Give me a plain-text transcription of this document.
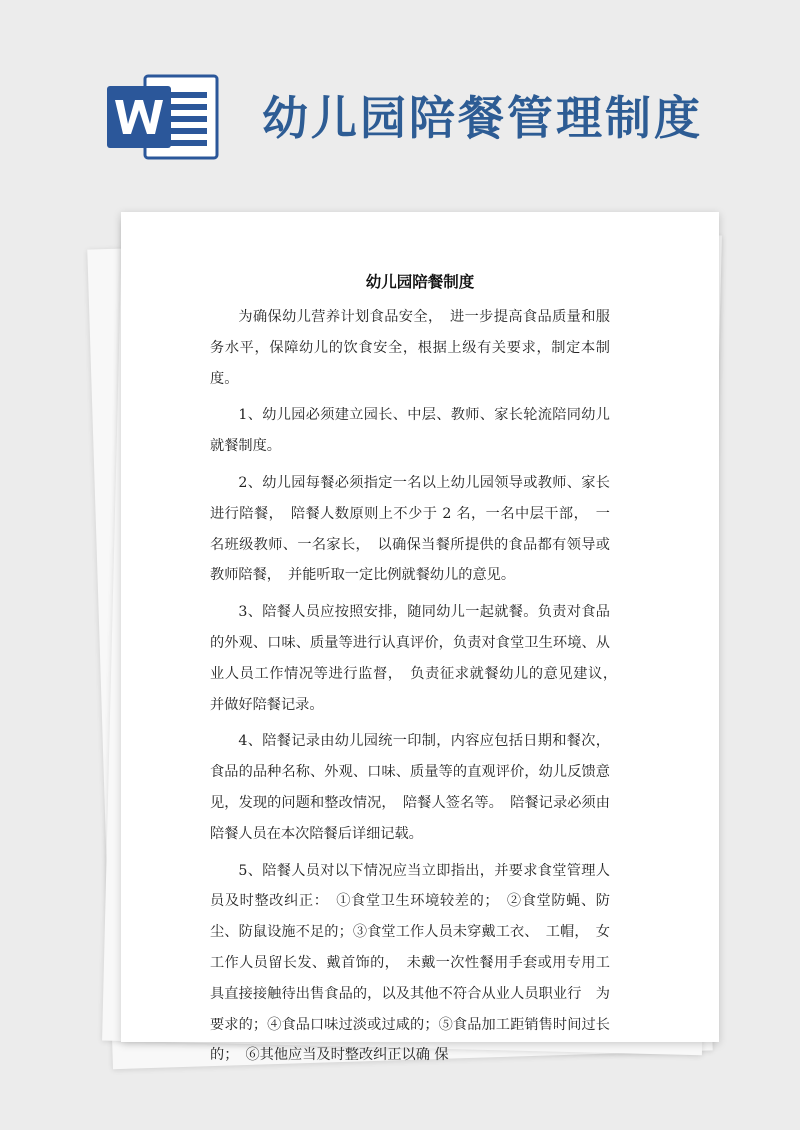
幼儿园陪餐管理制度
幼儿园陪餐制度

为确保幼儿营养计划食品安全，　进一步提高食品质量和服务水平，保障幼儿的饮食安全，根据上级有关要求，制定本制度。

1、幼儿园必须建立园长、中层、教师、家长轮流陪同幼儿就餐制度。

2、幼儿园每餐必须指定一名以上幼儿园领导或教师、家长进行陪餐，　陪餐人数原则上不少于 2 名，一名中层干部，　一名班级教师、一名家长，　以确保当餐所提供的食品都有领导或教师陪餐，　并能听取一定比例就餐幼儿的意见。

3、陪餐人员应按照安排，随同幼儿一起就餐。负责对食品的外观、口味、质量等进行认真评价，负责对食堂卫生环境、从业人员工作情况等进行监督，　负责征求就餐幼儿的意见建议，　并做好陪餐记录。

4、陪餐记录由幼儿园统一印制，内容应包括日期和餐次，食品的品种名称、外观、口味、质量等的直观评价，幼儿反馈意见，发现的问题和整改情况，　陪餐人签名等。　陪餐记录必须由陪餐人员在本次陪餐后详细记载。

5、陪餐人员对以下情况应当立即指出，并要求食堂管理人员及时整改纠正：　①食堂卫生环境较差的；　②食堂防蝇、防尘、防鼠设施不足的；③食堂工作人员未穿戴工衣、　工帽，　女工作人员留长发、戴首饰的，　未戴一次性餐用手套或用专用工具直接接触待出售食品的，以及其他不符合从业人员职业行　为要求的；④食品口味过淡或过咸的；⑤食品加工距销售时间过长的；　⑥其他应当及时整改纠正以确 保
